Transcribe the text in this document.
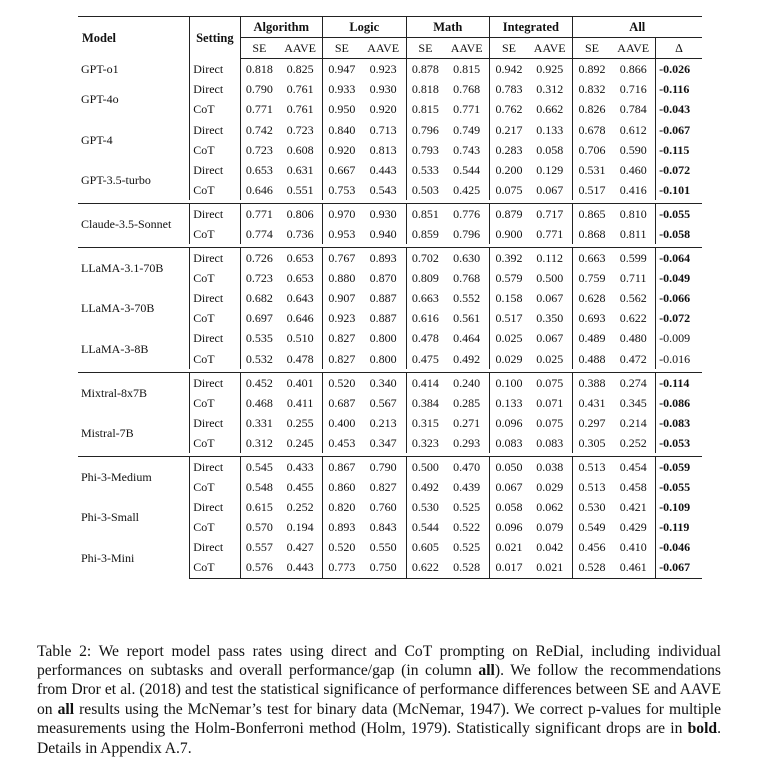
Model	Setting	Algorithm		Logic		Math		Integrated		All		
		SE	AAVE	SE	AAVE	SE	AAVE	SE	AAVE	SE	AAVE	∆
GPT-o1	Direct	0.818	0.825	0.947	0.923	0.878	0.815	0.942	0.925	0.892	0.866	-0.026
GPT-4o	Direct	0.790	0.761	0.933	0.930	0.818	0.768	0.783	0.312	0.832	0.716	-0.116
	CoT	0.771	0.761	0.950	0.920	0.815	0.771	0.762	0.662	0.826	0.784	-0.043
GPT-4	Direct	0.742	0.723	0.840	0.713	0.796	0.749	0.217	0.133	0.678	0.612	-0.067
	CoT	0.723	0.608	0.920	0.813	0.793	0.743	0.283	0.058	0.706	0.590	-0.115
GPT-3.5-turbo	Direct	0.653	0.631	0.667	0.443	0.533	0.544	0.200	0.129	0.531	0.460	-0.072
	CoT	0.646	0.551	0.753	0.543	0.503	0.425	0.075	0.067	0.517	0.416	-0.101

Claude-3.5-Sonnet	Direct	0.771	0.806	0.970	0.930	0.851	0.776	0.879	0.717	0.865	0.810	-0.055
	CoT	0.774	0.736	0.953	0.940	0.859	0.796	0.900	0.771	0.868	0.811	-0.058

LLaMA-3.1-70B	Direct	0.726	0.653	0.767	0.893	0.702	0.630	0.392	0.112	0.663	0.599	-0.064
	CoT	0.723	0.653	0.880	0.870	0.809	0.768	0.579	0.500	0.759	0.711	-0.049
LLaMA-3-70B	Direct	0.682	0.643	0.907	0.887	0.663	0.552	0.158	0.067	0.628	0.562	-0.066
	CoT	0.697	0.646	0.923	0.887	0.616	0.561	0.517	0.350	0.693	0.622	-0.072
LLaMA-3-8B	Direct	0.535	0.510	0.827	0.800	0.478	0.464	0.025	0.067	0.489	0.480	-0.009
	CoT	0.532	0.478	0.827	0.800	0.475	0.492	0.029	0.025	0.488	0.472	-0.016

Mixtral-8x7B	Direct	0.452	0.401	0.520	0.340	0.414	0.240	0.100	0.075	0.388	0.274	-0.114
	CoT	0.468	0.411	0.687	0.567	0.384	0.285	0.133	0.071	0.431	0.345	-0.086
Mistral-7B	Direct	0.331	0.255	0.400	0.213	0.315	0.271	0.096	0.075	0.297	0.214	-0.083
	CoT	0.312	0.245	0.453	0.347	0.323	0.293	0.083	0.083	0.305	0.252	-0.053

Phi-3-Medium	Direct	0.545	0.433	0.867	0.790	0.500	0.470	0.050	0.038	0.513	0.454	-0.059
	CoT	0.548	0.455	0.860	0.827	0.492	0.439	0.067	0.029	0.513	0.458	-0.055
Phi-3-Small	Direct	0.615	0.252	0.820	0.760	0.530	0.525	0.058	0.062	0.530	0.421	-0.109
	CoT	0.570	0.194	0.893	0.843	0.544	0.522	0.096	0.079	0.549	0.429	-0.119
Phi-3-Mini	Direct	0.557	0.427	0.520	0.550	0.605	0.525	0.021	0.042	0.456	0.410	-0.046
	CoT	0.576	0.443	0.773	0.750	0.622	0.528	0.017	0.021	0.528	0.461	-0.067

Table 2: We report model pass rates using direct and CoT prompting on ReDial, including individual performances on subtasks and overall performance/gap (in column all). We follow the recommendations from Dror et al. (2018) and test the statistical significance of performance differences between SE and AAVE on all results using the McNemar’s test for binary data (McNemar, 1947). We correct p-values for multiple measurements using the Holm-Bonferroni method (Holm, 1979). Statistically significant drops are in bold. Details in Appendix A.7.
